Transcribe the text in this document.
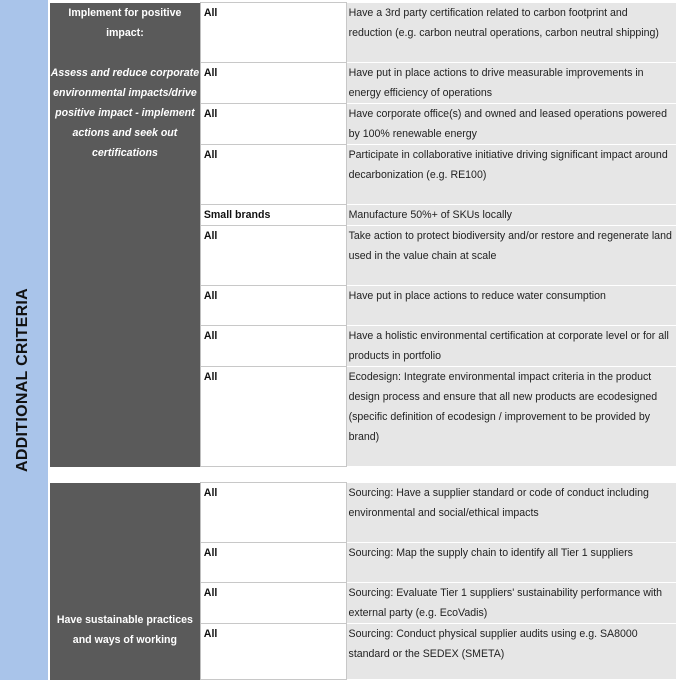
ADDITIONAL CRITERIA
Implement for positive impact:
Assess and reduce corporate environmental impacts/drive positive impact - implement actions and seek out certifications	All	Have a 3rd party certification related to carbon footprint and reduction (e.g. carbon neutral operations, carbon neutral shipping)
	All	Have put in place actions to drive measurable improvements in energy efficiency of operations
	All	Have corporate office(s) and owned and leased operations powered by 100% renewable energy
	All	Participate in collaborative initiative driving significant impact around decarbonization (e.g. RE100)
	Small brands	Manufacture 50%+ of SKUs locally
	All	Take action to protect biodiversity and/or restore and regenerate land used in the value chain at scale
	All	Have put in place actions to reduce water consumption
	All	Have a holistic environmental certification at corporate level or for all products in portfolio
	All	Ecodesign: Integrate environmental impact criteria in the product design process and ensure that all new products are ecodesigned (specific definition of ecodesign / improvement to be provided by brand)
Have sustainable practices and ways of working	All	Sourcing: Have a supplier standard or code of conduct including environmental and social/ethical impacts
	All	Sourcing: Map the supply chain to identify all Tier 1 suppliers
	All	Sourcing: Evaluate Tier 1 suppliers' sustainability performance with external party (e.g. EcoVadis)
	All	Sourcing: Conduct physical supplier audits using e.g. SA8000 standard or the SEDEX (SMETA)
